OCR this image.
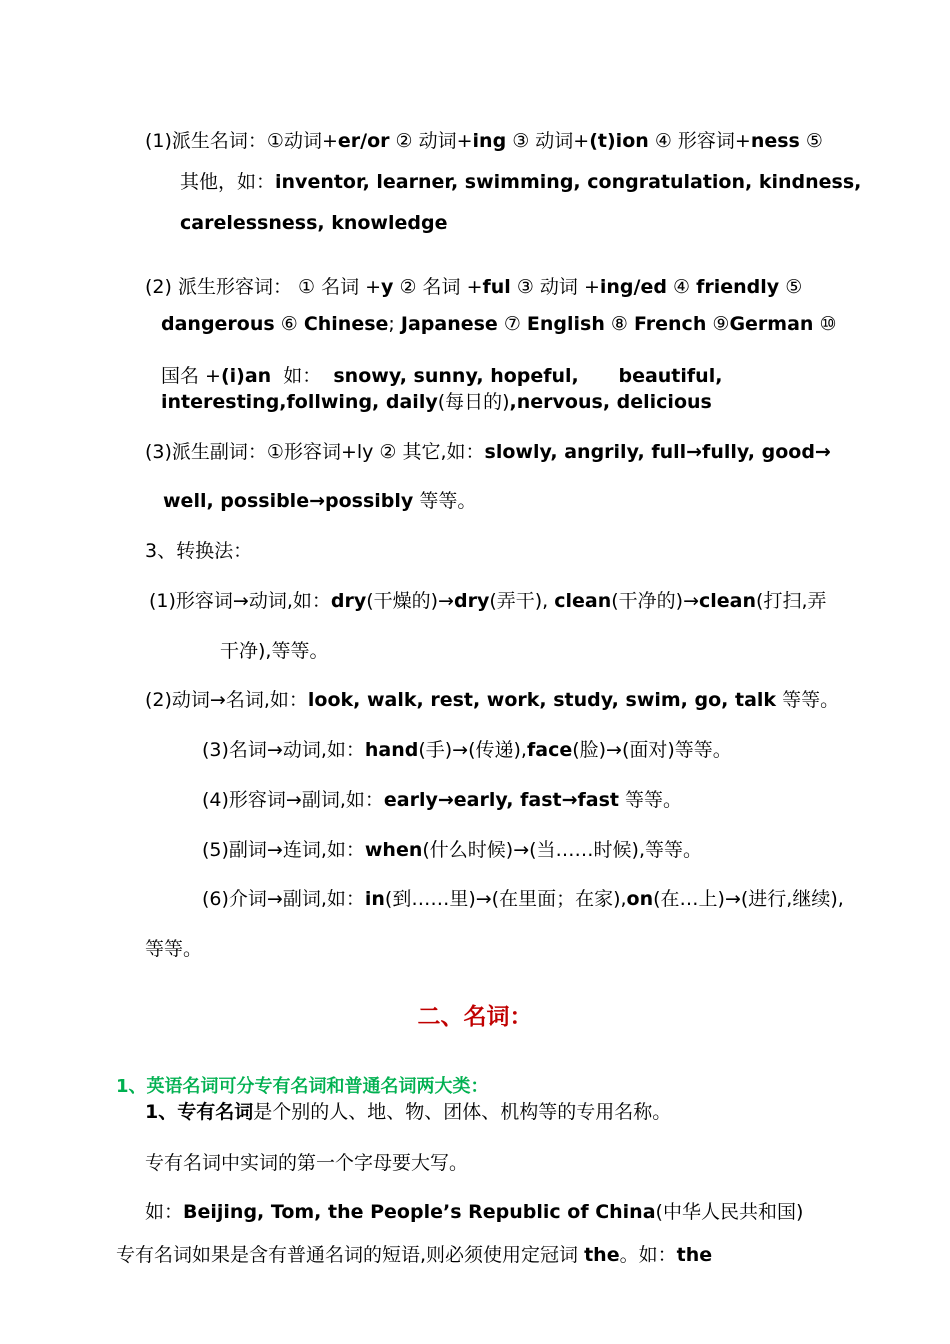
(1)派生名词：①动词+er/or ② 动词+ing ③ 动词+(t)ion ④ 形容词+ness ⑤
其他，如：inventor, learner, swimming, congratulation, kindness,
carelessness, knowledge
(2) 派生形容词： ① 名词 +y ② 名词 +ful ③ 动词 +ing/ed ④ friendly ⑤
dangerous ⑥ Chinese; Japanese ⑦ English ⑧ French ⑨German ⑩
国名 +(i)an  如：  snowy, sunny, hopeful,      beautiful,
interesting,follwing, daily(每日的),nervous, delicious
(3)派生副词：①形容词+ly ② 其它,如：slowly, angrily, full→fully, good→
well, possible→possibly 等等。
3、转换法：
(1)形容词→动词,如：dry(干燥的)→dry(弄干), clean(干净的)→clean(打扫,弄
干净),等等。
(2)动词→名词,如：look, walk, rest, work, study, swim, go, talk 等等。
(3)名词→动词,如：hand(手)→(传递),face(脸)→(面对)等等。
(4)形容词→副词,如：early→early, fast→fast 等等。
(5)副词→连词,如：when(什么时候)→(当……时候),等等。
(6)介词→副词,如：in(到……里)→(在里面；在家),on(在…上)→(进行,继续),
等等。
二、名词：
1、英语名词可分专有名词和普通名词两大类：
1、专有名词是个别的人、地、物、团体、机构等的专用名称。
专有名词中实词的第一个字母要大写。
如：Beijing, Tom, the People’s Republic of China(中华人民共和国)
专有名词如果是含有普通名词的短语,则必须使用定冠词 the。如：the
